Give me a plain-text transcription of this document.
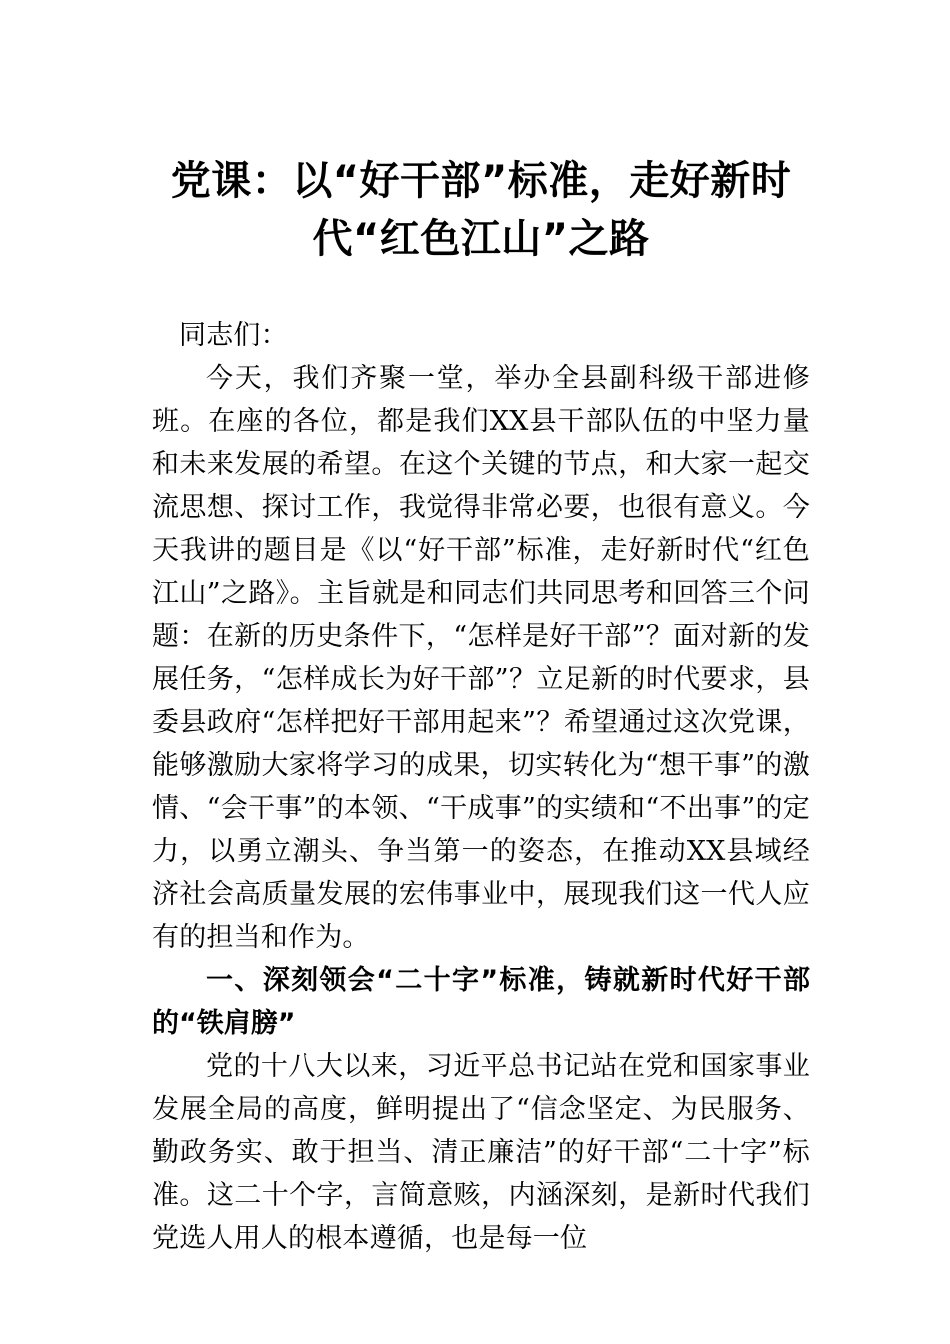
党课：以“好干部”标准，走好新时
代“红色江山”之路

同志们：

今天，我们齐聚一堂，举办全县副科级干部进修班。在座的各位，都是我们XX县干部队伍的中坚力量和未来发展的希望。在这个关键的节点，和大家一起交流思想、探讨工作，我觉得非常必要，也很有意义。今天我讲的题目是《以“好干部”标准，走好新时代“红色江山”之路》。主旨就是和同志们共同思考和回答三个问题：在新的历史条件下，“怎样是好干部”？面对新的发展任务，“怎样成长为好干部”？立足新的时代要求，县委县政府“怎样把好干部用起来”？希望通过这次党课，能够激励大家将学习的成果，切实转化为“想干事”的激情、“会干事”的本领、“干成事”的实绩和“不出事”的定力，以勇立潮头、争当第一的姿态，在推动XX县域经济社会高质量发展的宏伟事业中，展现我们这一代人应有的担当和作为。

一、深刻领会“二十字”标准，铸就新时代好干部的“铁肩膀”

党的十八大以来，习近平总书记站在党和国家事业发展全局的高度，鲜明提出了“信念坚定、为民服务、勤政务实、敢于担当、清正廉洁”的好干部“二十字”标准。这二十个字，言简意赅，内涵深刻，是新时代我们党选人用人的根本遵循，也是每一位
